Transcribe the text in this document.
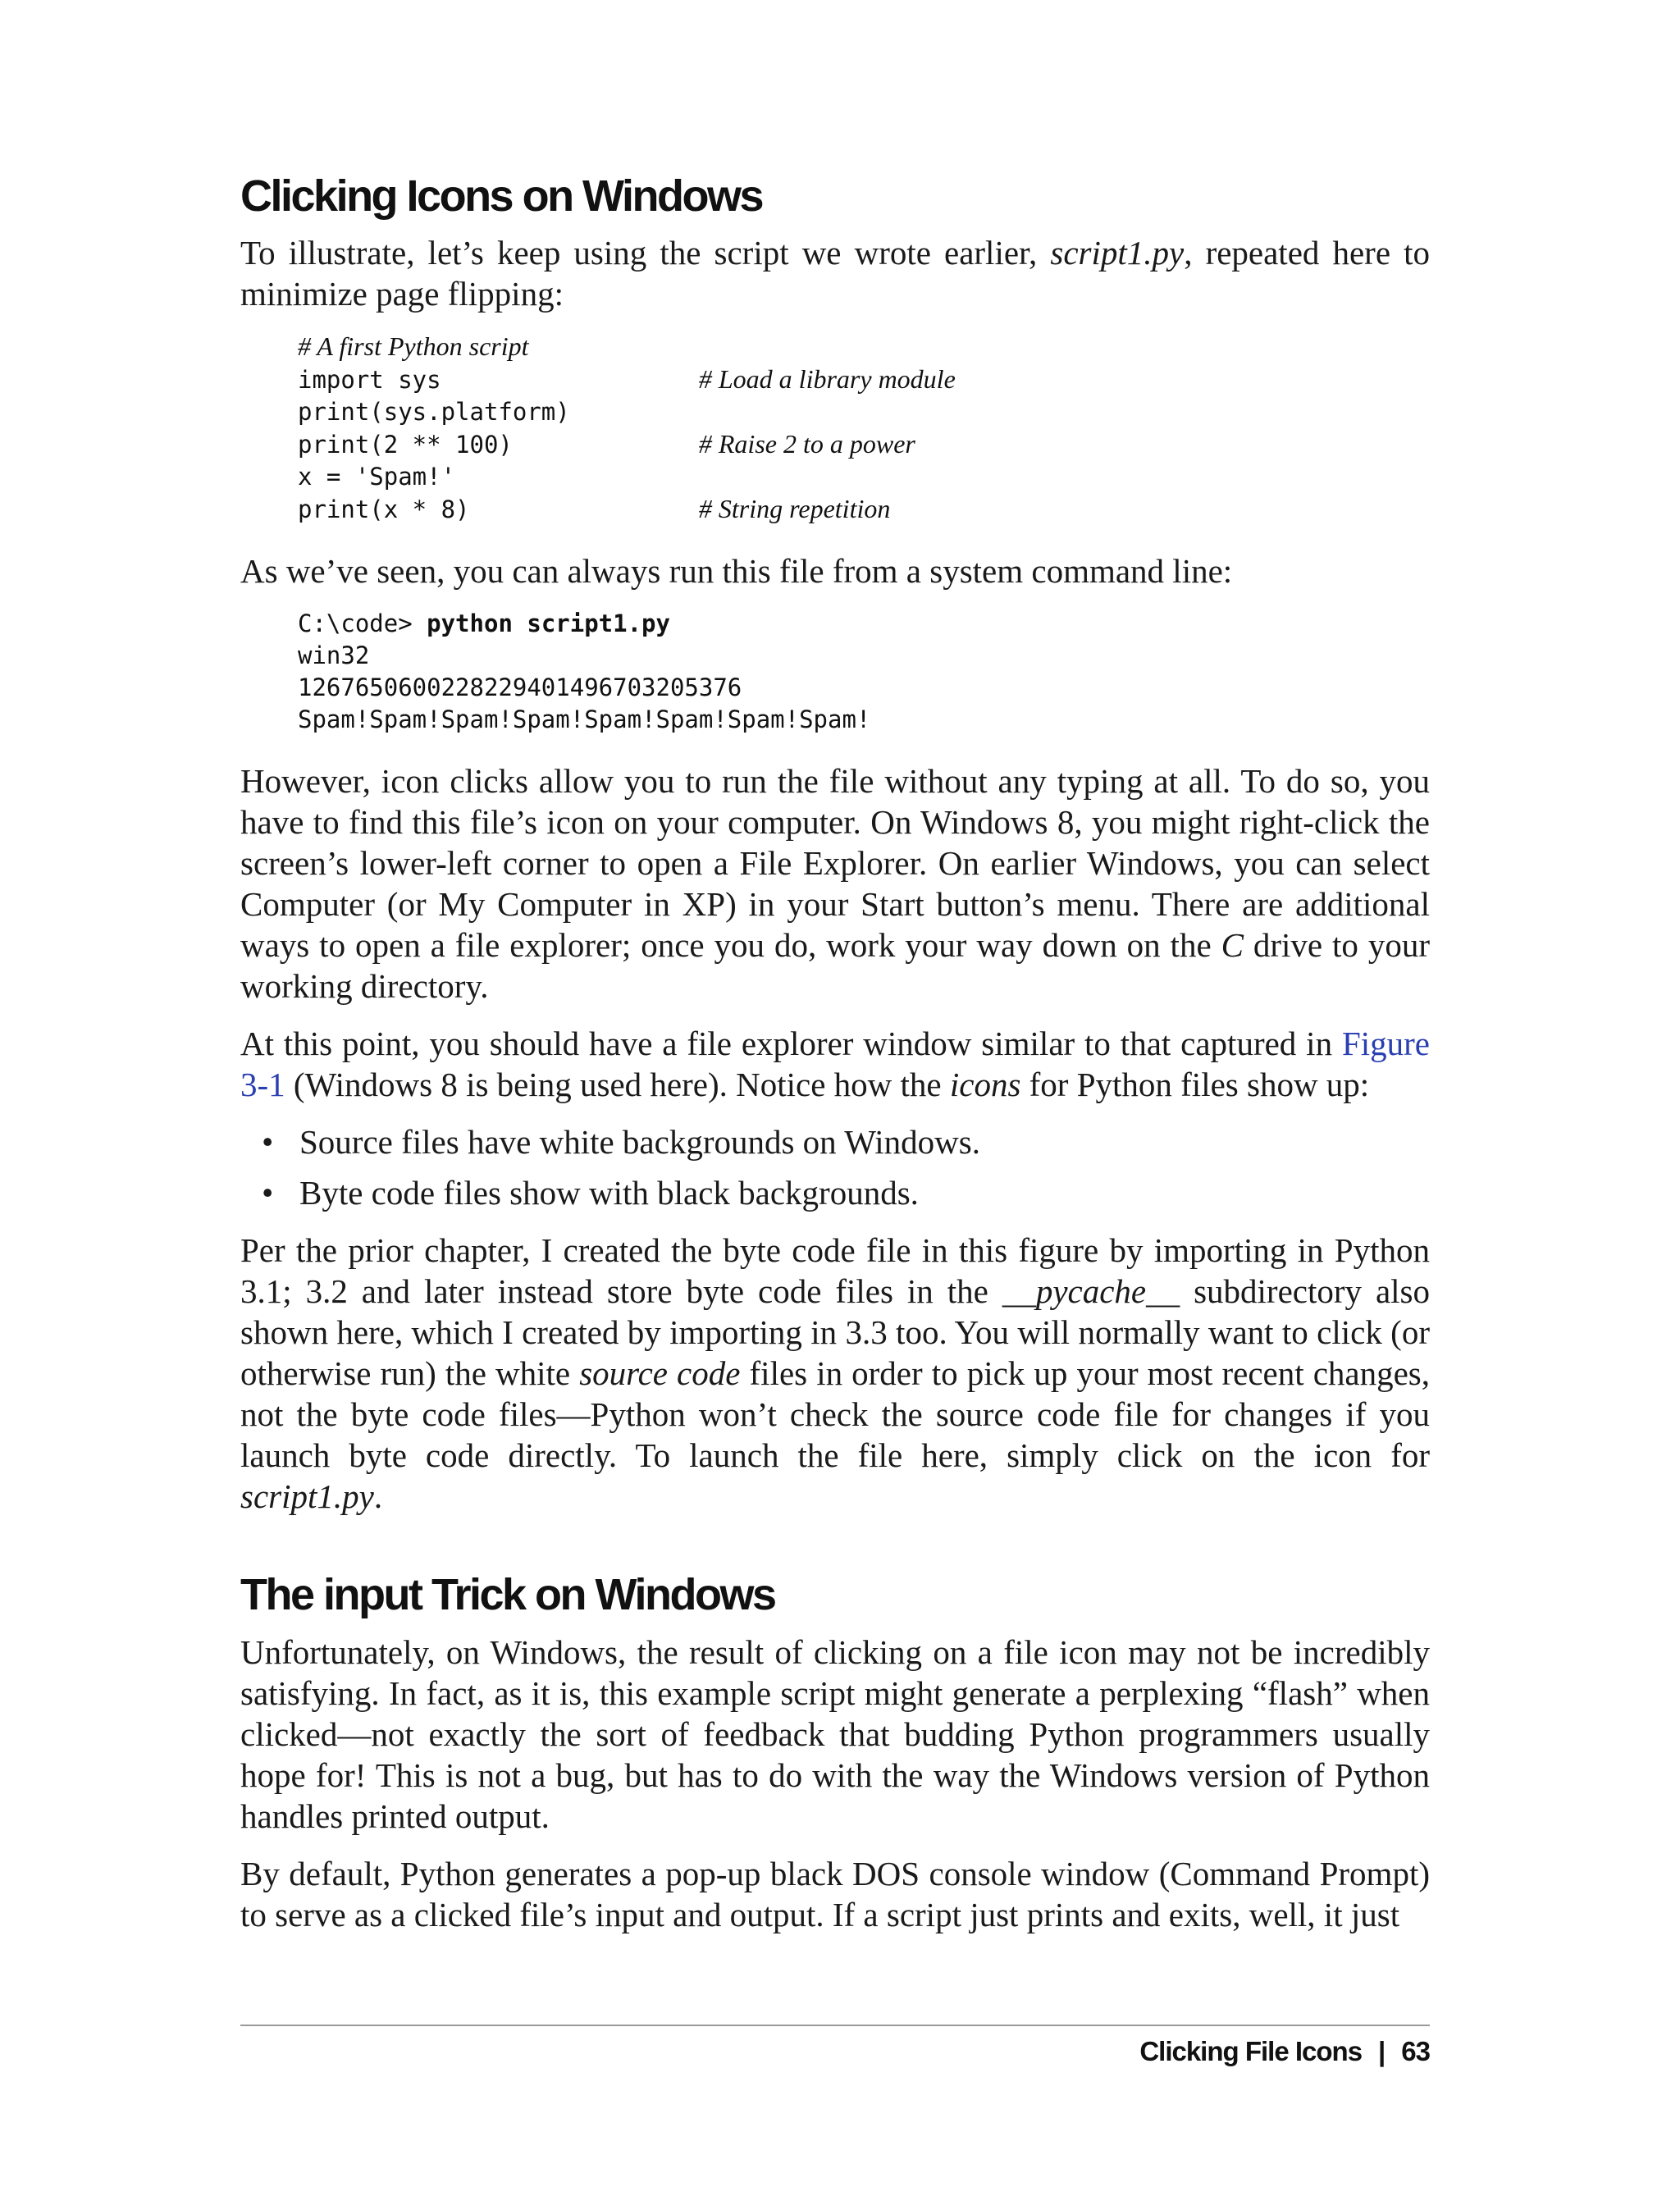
Clicking Icons on Windows

To illustrate, let’s keep using the script we wrote earlier, script1.py, repeated here to minimize page flipping:

# A first Python script
import sys                  # Load a library module
print(sys.platform)
print(2 ** 100)             # Raise 2 to a power
x = 'Spam!'
print(x * 8)                # String repetition

As we’ve seen, you can always run this file from a system command line:

C:\code> python script1.py
win32
1267650600228229401496703205376
Spam!Spam!Spam!Spam!Spam!Spam!Spam!Spam!

However, icon clicks allow you to run the file without any typing at all. To do so, you have to find this file’s icon on your computer. On Windows 8, you might right-click the screen’s lower-left corner to open a File Explorer. On earlier Windows, you can select Computer (or My Computer in XP) in your Start button’s menu. There are additional ways to open a file explorer; once you do, work your way down on the C drive to your working directory.

At this point, you should have a file explorer window similar to that captured in Figure 3-1 (Windows 8 is being used here). Notice how the icons for Python files show up:

• Source files have white backgrounds on Windows.
• Byte code files show with black backgrounds.

Per the prior chapter, I created the byte code file in this figure by importing in Python 3.1; 3.2 and later instead store byte code files in the __pycache__ subdirectory also shown here, which I created by importing in 3.3 too. You will normally want to click (or otherwise run) the white source code files in order to pick up your most recent changes, not the byte code files—Python won’t check the source code file for changes if you launch byte code directly. To launch the file here, simply click on the icon for script1.py.

The input Trick on Windows

Unfortunately, on Windows, the result of clicking on a file icon may not be incredibly satisfying. In fact, as it is, this example script might generate a perplexing “flash” when clicked—not exactly the sort of feedback that budding Python programmers usually hope for! This is not a bug, but has to do with the way the Windows version of Python handles printed output.

By default, Python generates a pop-up black DOS console window (Command Prompt) to serve as a clicked file’s input and output. If a script just prints and exits, well, it just

Clicking File Icons | 63
